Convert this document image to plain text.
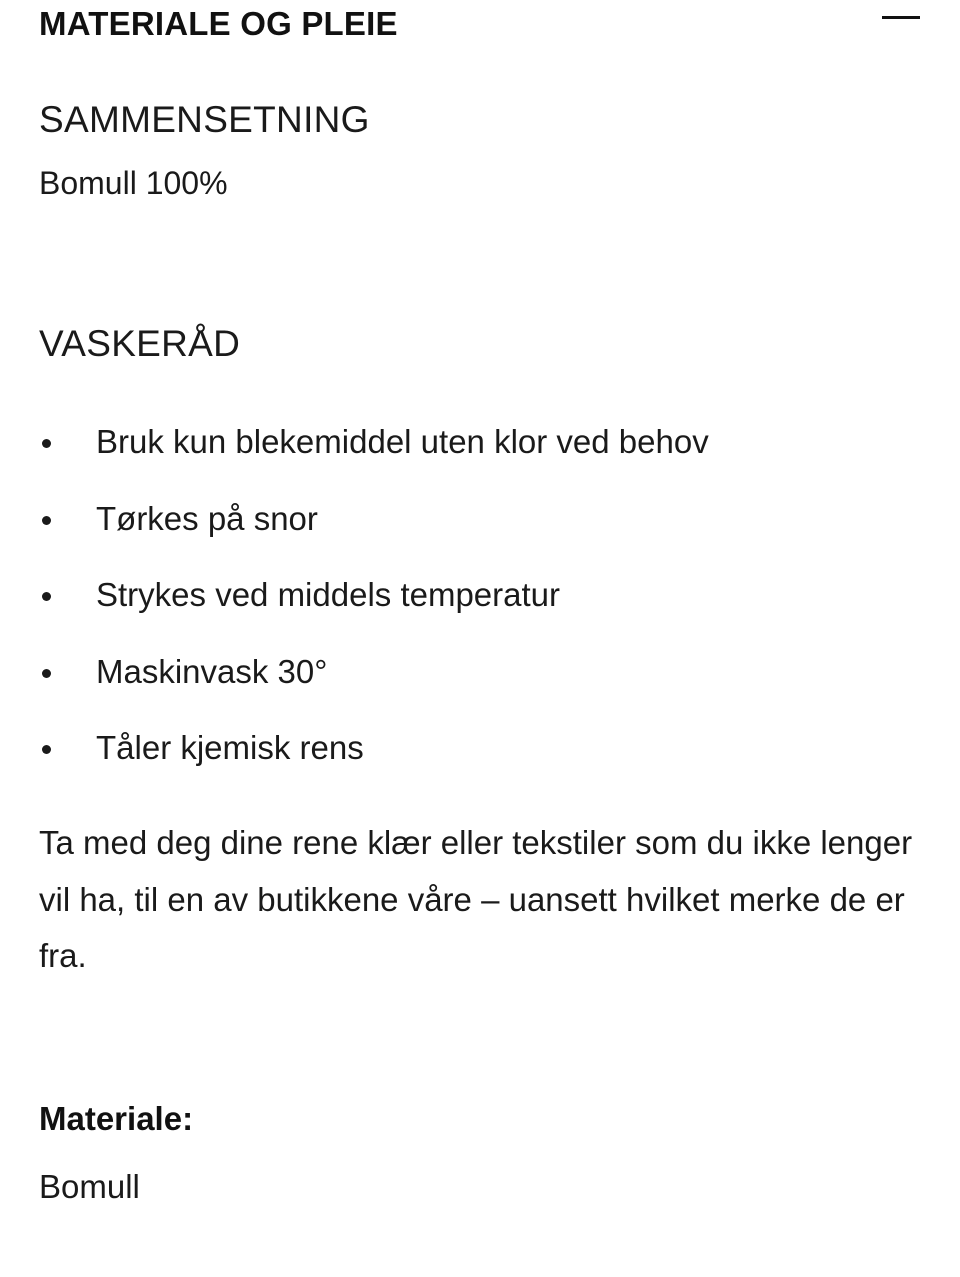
MATERIALE OG PLEIE
SAMMENSETNING
Bomull 100%
VASKERÅD
Bruk kun blekemiddel uten klor ved behov
Tørkes på snor
Strykes ved middels temperatur
Maskinvask 30°
Tåler kjemisk rens

Ta med deg dine rene klær eller tekstiler som du ikke lenger vil ha, til en av butikkene våre – uansett hvilket merke de er fra.

Materiale:
Bomull
